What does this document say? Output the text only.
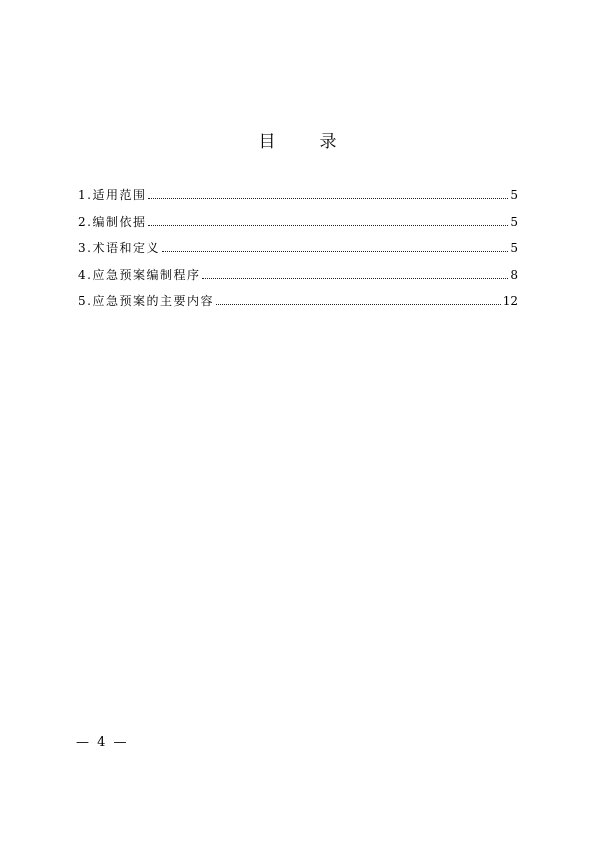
目	录
1.适用范围	5
2.编制依据	5
3.术语和定义	5
4.应急预案编制程序	8
5.应急预案的主要内容	12
— 4 —
